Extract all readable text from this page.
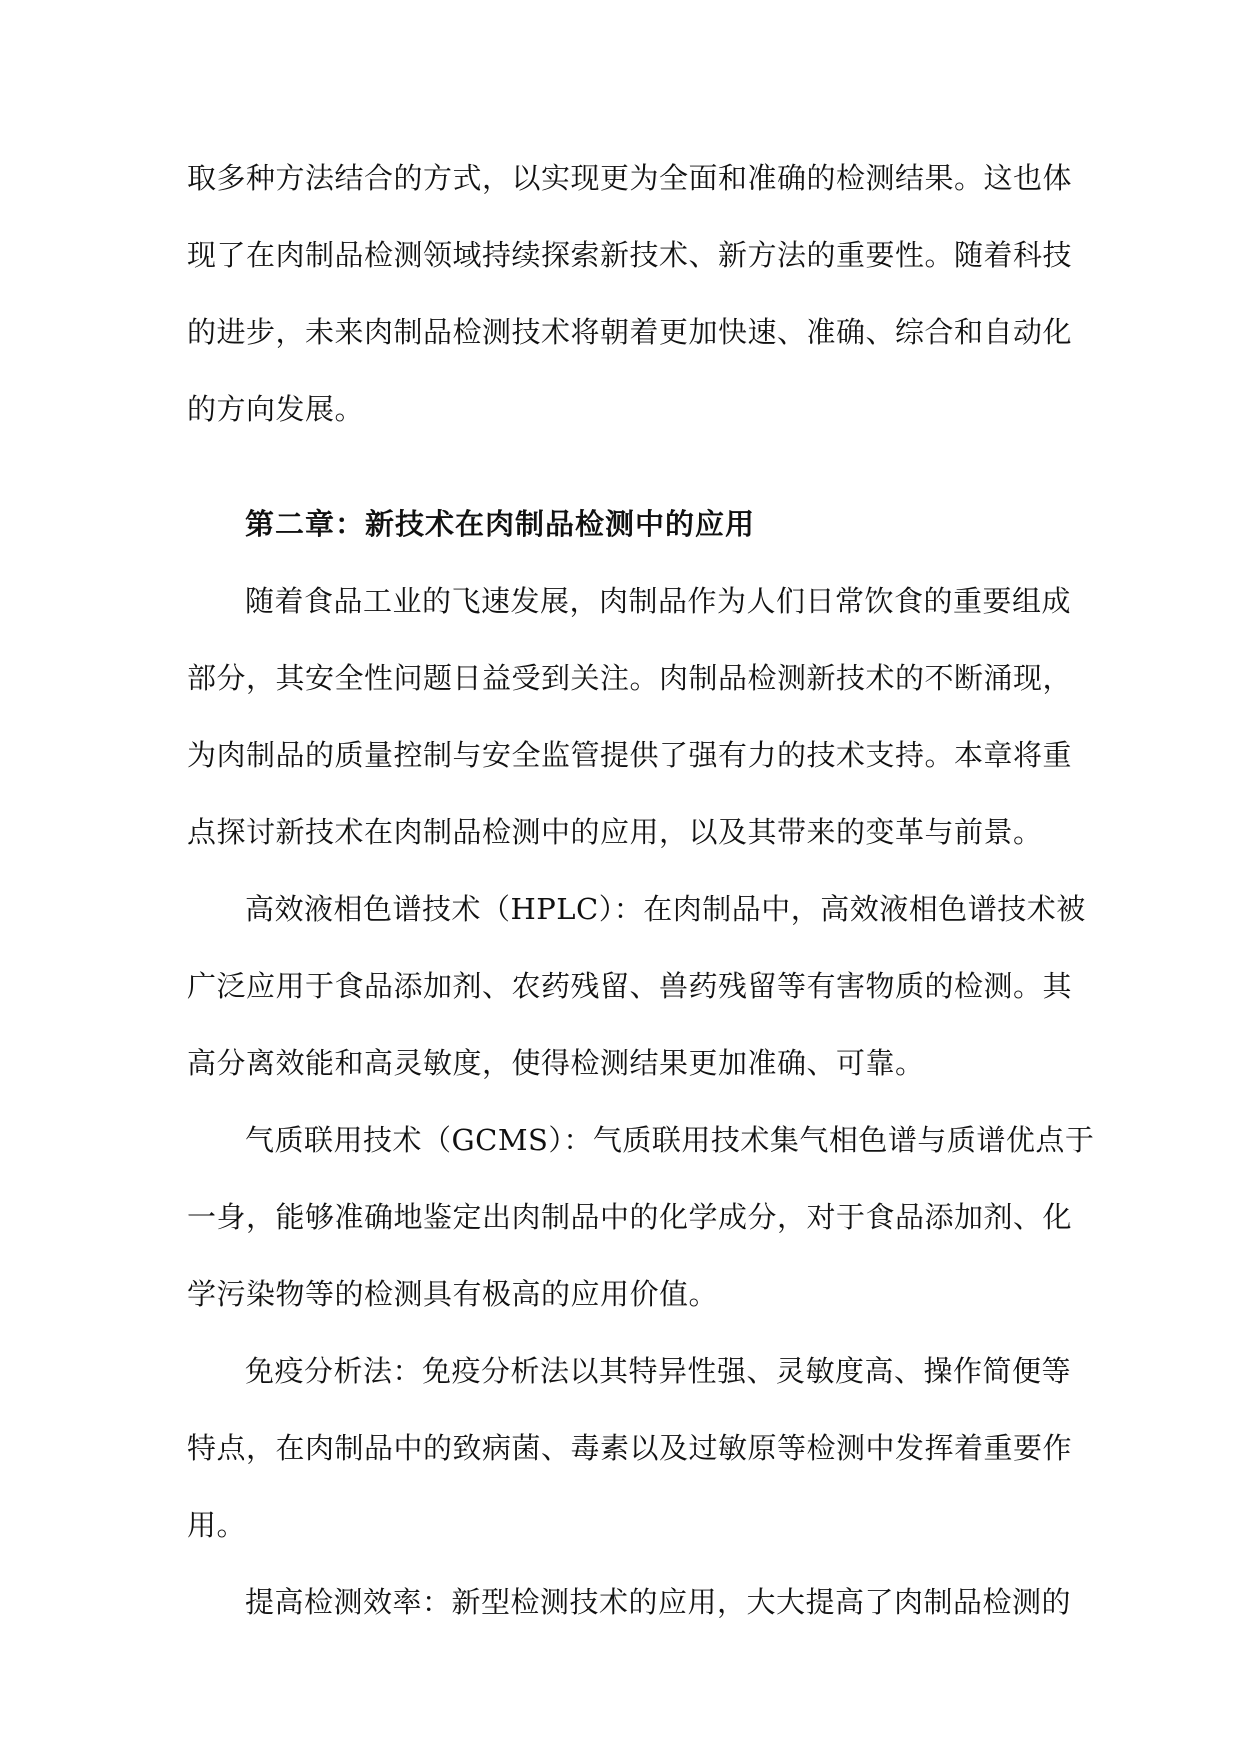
取多种方法结合的方式，以实现更为全面和准确的检测结果。这也体
现了在肉制品检测领域持续探索新技术、新方法的重要性。随着科技
的进步，未来肉制品检测技术将朝着更加快速、准确、综合和自动化
的方向发展。
第二章：新技术在肉制品检测中的应用
随着食品工业的飞速发展，肉制品作为人们日常饮食的重要组成
部分，其安全性问题日益受到关注。肉制品检测新技术的不断涌现，
为肉制品的质量控制与安全监管提供了强有力的技术支持。本章将重
点探讨新技术在肉制品检测中的应用，以及其带来的变革与前景。
高效液相色谱技术（HPLC）：在肉制品中，高效液相色谱技术被
广泛应用于食品添加剂、农药残留、兽药残留等有害物质的检测。其
高分离效能和高灵敏度，使得检测结果更加准确、可靠。
气质联用技术（GCMS）：气质联用技术集气相色谱与质谱优点于
一身，能够准确地鉴定出肉制品中的化学成分，对于食品添加剂、化
学污染物等的检测具有极高的应用价值。
免疫分析法：免疫分析法以其特异性强、灵敏度高、操作简便等
特点，在肉制品中的致病菌、毒素以及过敏原等检测中发挥着重要作
用。
提高检测效率：新型检测技术的应用，大大提高了肉制品检测的
